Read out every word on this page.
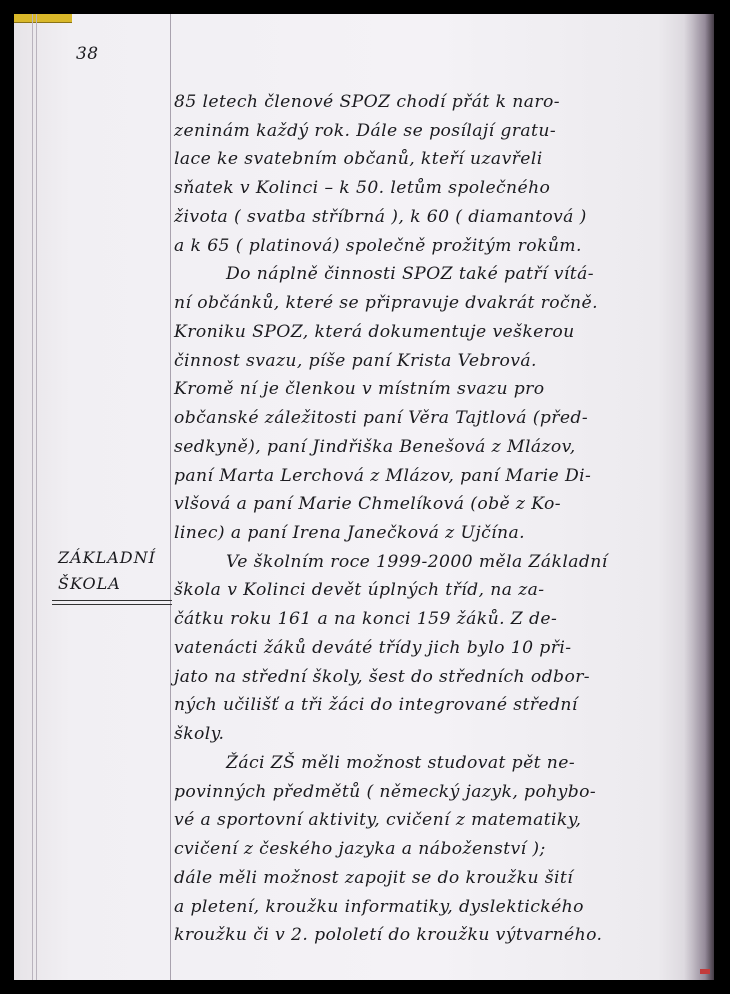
38
85 letech členové SPOZ chodí přát k naro-
zeninám každý rok. Dále se posílají gratu-
lace ke svatebním občanů, kteří uzavřeli
sňatek v Kolinci – k 50. letům společného
života ( svatba stříbrná ), k 60 ( diamantová )
a k 65 ( platinová) společně prožitým rokům.
Do náplně činnosti SPOZ také patří vítá-
ní občánků, které se připravuje dvakrát ročně.
Kroniku SPOZ, která dokumentuje veškerou
činnost svazu, píše paní Krista Vebrová.
Kromě ní je členkou v místním svazu pro
občanské záležitosti paní Věra Tajtlová (před-
sedkyně), paní Jindřiška Benešová z Mlázov,
paní Marta Lerchová z Mlázov, paní Marie Di-
vlšová a paní Marie Chmelíková (obě z Ko-
linec) a paní Irena Janečková z Ujčína.
ZÁKLADNÍ
ŠKOLA
Ve školním roce 1999-2000 měla Základní
škola v Kolinci devět úplných tříd, na za-
čátku roku 161 a na konci 159 žáků. Z de-
vatenácti žáků deváté třídy jich bylo 10 při-
jato na střední školy, šest do středních odbor-
ných učilišť a tři žáci do integrované střední
školy.
Žáci ZŠ měli možnost studovat pět ne-
povinných předmětů ( německý jazyk, pohybo-
vé a sportovní aktivity, cvičení z matematiky,
cvičení z českého jazyka a náboženství );
dále měli možnost zapojit se do kroužku šití
a pletení, kroužku informatiky, dyslektického
kroužku či v 2. pololetí do kroužku výtvarného.
